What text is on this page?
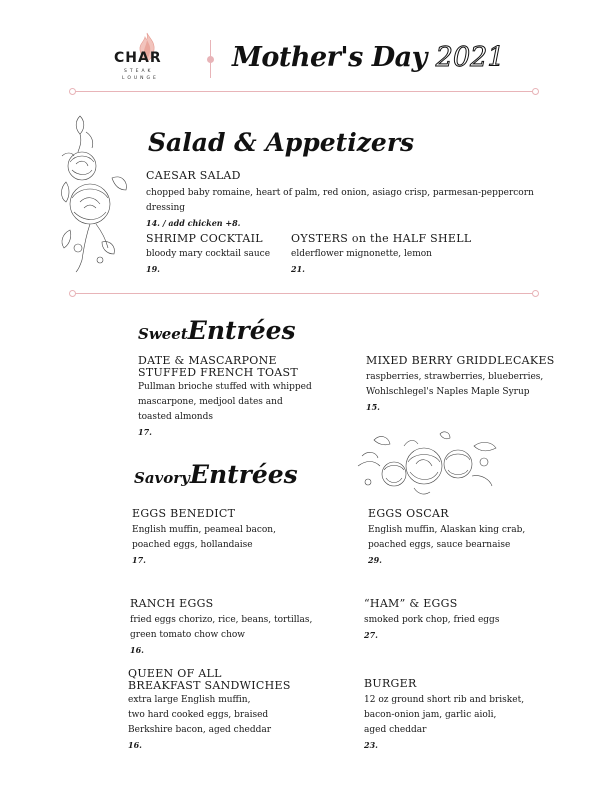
CHAR
STEAK
LOUNGE
Mother's Day 2021
Salad & Appetizers
CAESAR SALAD
chopped baby romaine, heart of palm, red onion, asiago crisp, parmesan-peppercorn dressing
14. / add chicken +8.
SHRIMP COCKTAIL
bloody mary cocktail sauce
19.
OYSTERS on the HALF SHELL
elderflower mignonette, lemon
21.
SweetEntrées
DATE & MASCARPONE
STUFFED FRENCH TOAST
Pullman brioche stuffed with whipped
mascarpone, medjool dates and
toasted almonds
17.
MIXED BERRY GRIDDLECAKES
raspberries, strawberries, blueberries,
Wohlschlegel's Naples Maple Syrup
15.
SavoryEntrées
EGGS BENEDICT
English muffin, peameal bacon,
poached eggs, hollandaise
17.
EGGS OSCAR
English muffin, Alaskan king crab,
poached eggs, sauce bearnaise
29.
RANCH EGGS
fried eggs chorizo, rice, beans, tortillas,
green tomato chow chow
16.
“HAM” & EGGS
smoked pork chop, fried eggs
27.
QUEEN OF ALL
BREAKFAST SANDWICHES
extra large English muffin,
two hard cooked eggs, braised
Berkshire bacon, aged cheddar
16.
BURGER
12 oz ground short rib and brisket,
bacon-onion jam, garlic aioli,
aged cheddar
23.
